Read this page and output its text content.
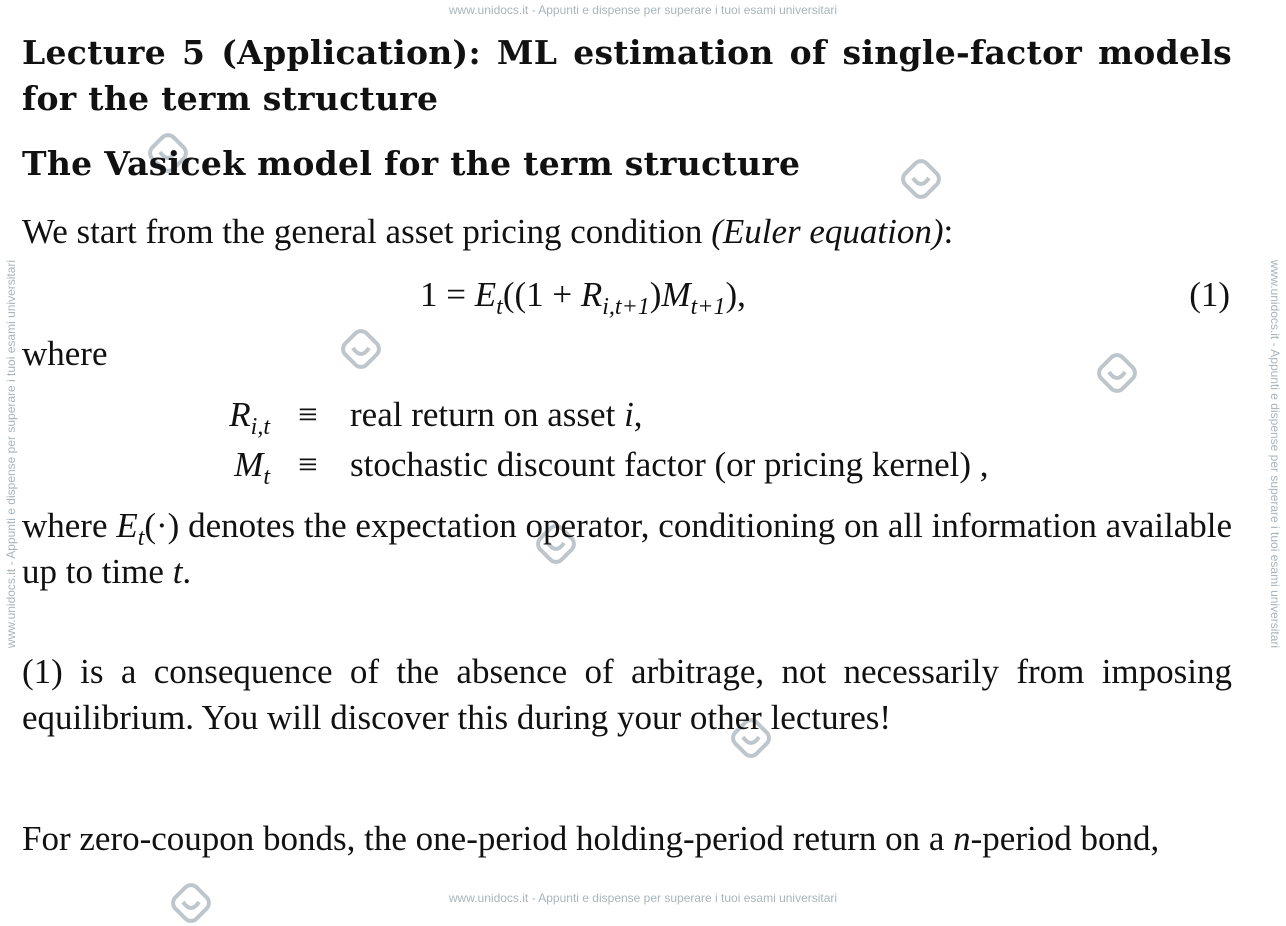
www.unidocs.it - Appunti e dispense per superare i tuoi esami universitari
www.unidocs.it - Appunti e dispense per superare i tuoi esami universitari
www.unidocs.it - Appunti e dispense per superare i tuoi esami universitari	www.unidocs.it - Appunti e dispense per superare i tuoi esami universitari
Lecture 5 (Application): ML estimation of single-factor models for the term structure
The Vasicek model for the term structure
We start from the general asset pricing condition (Euler equation):
$1 = E_t((1 + R_{i,t+1})M_{t+1})$,	(1)
where
$R_{i,t}$ ≡ real return on asset i,
$M_t$ ≡ stochastic discount factor (or pricing kernel) ,
where $E_t(\cdot)$ denotes the expectation operator, conditioning on all information available up to time t.
(1) is a consequence of the absence of arbitrage, not necessarily from imposing equilibrium. You will discover this during your other lectures!
For zero-coupon bonds, the one-period holding-period return on a n-period bond,
